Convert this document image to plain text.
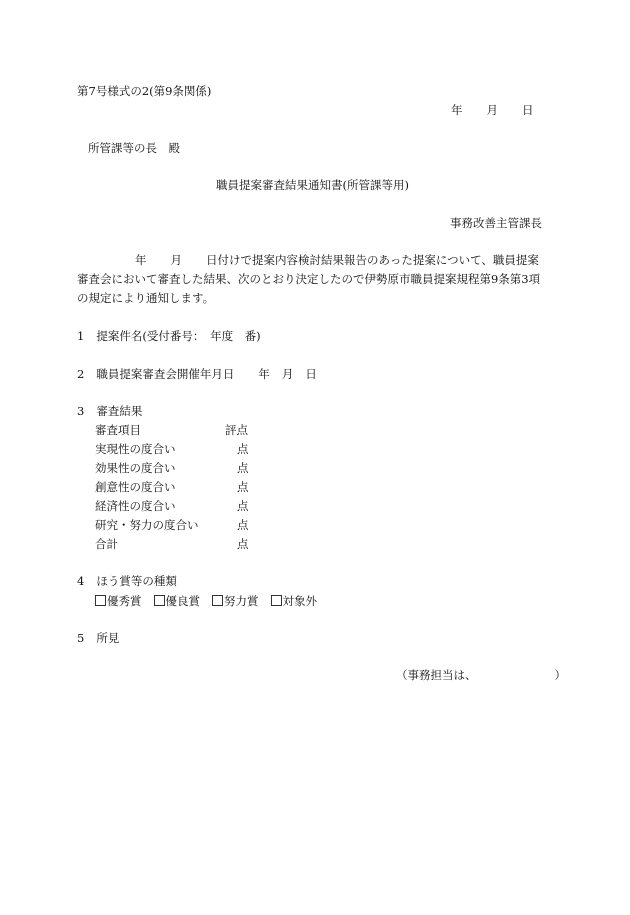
第7号様式の2(第9条関係)
年 月 日
所管課等の長　殿
職員提案審査結果通知書(所管課等用)
事務改善主管課長
年 月 日付けで提案内容検討結果報告のあった提案について、職員提案
審査会において審査した結果、次のとおり決定したので伊勢原市職員提案規程第9条第3項
の規定により通知します。
1 提案件名(受付番号：　年度　番)
2 職員提案審査会開催年月日 年 月 日
3 審査結果
審査項目	評点
実現性の度合い	点
効果性の度合い	点
創意性の度合い	点
経済性の度合い	点
研究・努力の度合い	点
合計	点
4 ほう賞等の種類
優秀賞 優良賞 努力賞 対象外
5 所見
（事務担当は、	）
